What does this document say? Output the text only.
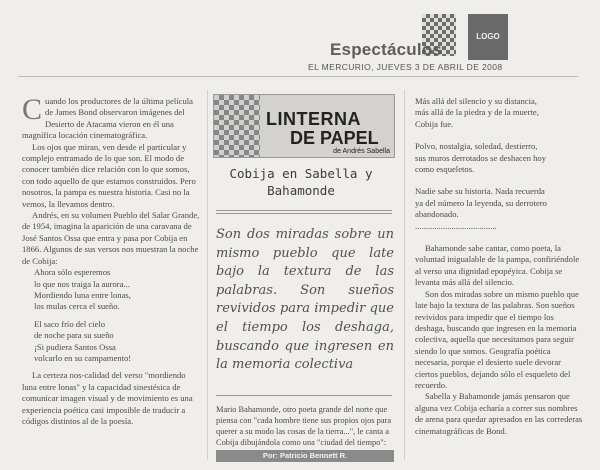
LOGO
Espectáculos
EL MERCURIO, JUEVES 3 DE ABRIL DE 2008

Cuando los productores de la última película de James Bond observaron imágenes del Desierto de Atacama vieron en él una magnífica locación cinematográfica.

Los ojos que miran, ven desde el particular y complejo entramado de lo que son. El modo de conocer también dice relación con lo que somos, con todo aquello de que estamos construidos. Pero nosotros, la pampa es nuestra historia. Casi no la vemos, la llevamos dentro.

Andrés, en su volumen Pueblo del Salar Grande, de 1954, imagina la aparición de una caravana de José Santos Ossa que entra y pasa por Cobija en 1866. Algunos de sus versos nos muestran la noche de Cobija:

Ahora sólo esperemos

lo que nos traiga la aurora...

Mordiendo luna entre lonas,

los mulas cerca el sueño.

El saco frío del cielo

de noche para su sueño

¡Si pudiera Santos Ossa

volcarlo en su campamento!

La certeza nos-calidad del verso "mordiendo luna entre lonas" y la capacidad sinestésica de comunicar imagen visual y de movimiento es una experiencia poética casi imposible de traducir a códigos distintos al de la poesía.

LINTERNA
DE PAPEL
de Andrés Sabella
Cobija en Sabella y Bahamonde
Son dos miradas sobre un mismo pueblo que late bajo la textura de las palabras. Son sueños revividos para impedir que el tiempo los deshaga, buscando que ingresen en la memoria colectiva
Mario Bahamonde, otro poeta grande del norte que piensa con "cada hombre tiene sus propios ojos para querer a su modo las cosas de la tierra...", le canta a Cobija dibujándola como una "ciudad del tiempo":
Por: Patricio Bennett R.

Más allá del silencio y su distancia,

más allá de la piedra y de la muerte,

Cobija fue.

Polvo, nostalgia, soledad, destierro,

sus muros derrotados se deshacen hoy

como esqueletos.

Nadie sabe su historia. Nada recuerda

ya del número la leyenda, su derrotero

abandonado.

......................................

Bahamonde sabe cantar, como poeta, la voluntad inigualable de la pampa, confiriéndole al verso una dignidad epopéyica. Cobija se levanta más allá del silencio.

Son dos miradas sobre un mismo pueblo que late bajo la textura de las palabras. Son sueños revividos para impedir que el tiempo los deshaga, buscando que ingresen en la memoria colectiva, aquella que necesitamos para seguir siendo lo que somos. Geografía poética necesaria, porque el desierto suele devorar ciertos pueblos, dejando sólo el esqueleto del recuerdo.

Sabella y Bahamonde jamás pensaron que alguna vez Cobija echaría a correr sus nombres de arena para quedar apresados en las correderas cinematográficas de Bond.
